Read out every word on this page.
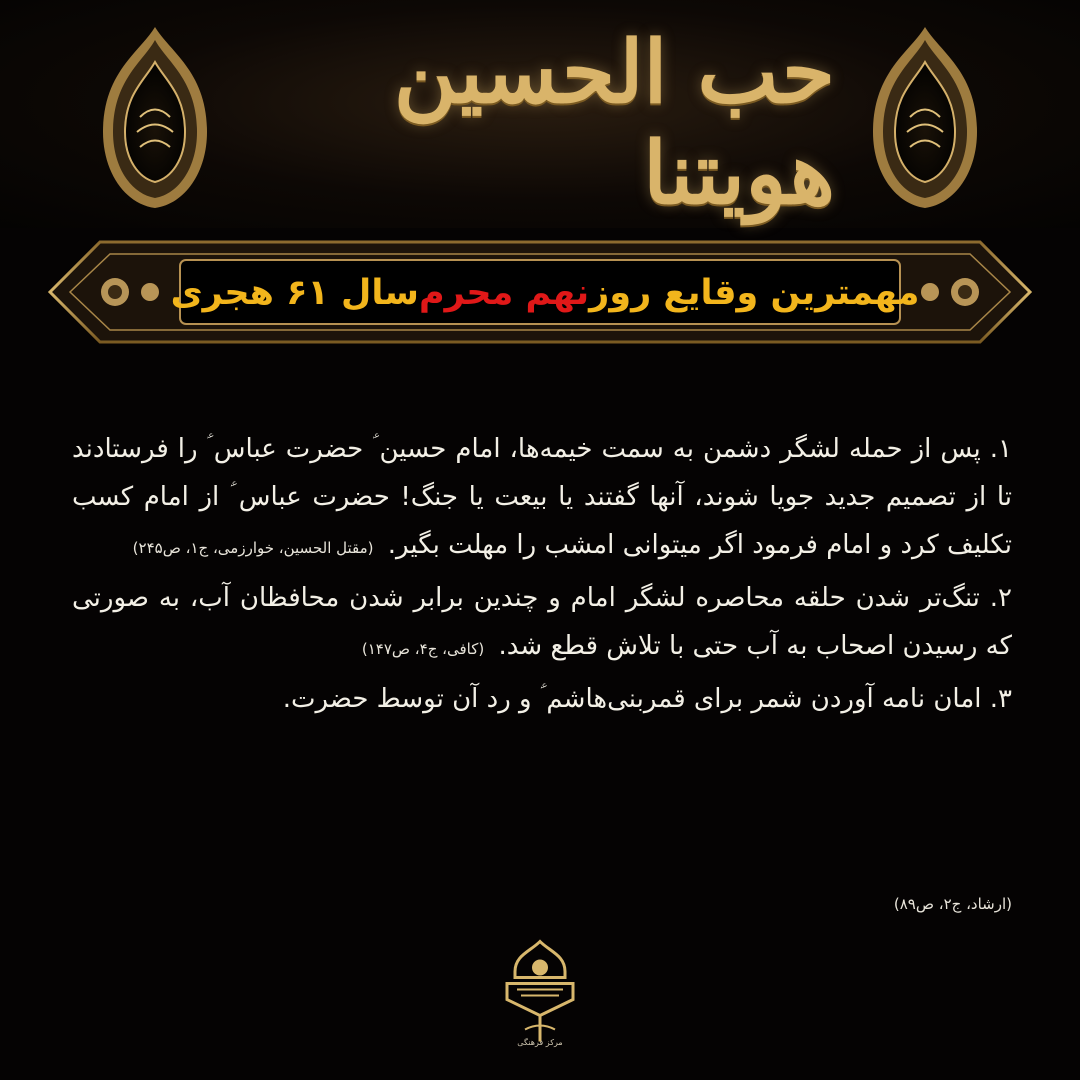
حب الحسین هویتنا
مهمترین وقایع روز
نهم محرم
سال ۶۱ هجری

۱. پس از حمله لشگر دشمن به سمت خیمه‌ها، امام حسین ؑ حضرت عباس ؑ را فرستادند تا از تصمیم جدید جویا شوند، آنها گفتند یا بیعت یا جنگ! حضرت عباس ؑ از امام کسب تکلیف کرد و امام فرمود اگر میتوانی امشب را مهلت بگیر. (مقتل الحسین، خوارزمی، ج۱، ص۲۴۵)

۲. تنگ‌تر شدن حلقه محاصره لشگر امام و چندین برابر شدن محافظان آب، به صورتی که رسیدن اصحاب به آب حتی با تلاش قطع شد. (کافی، ج۴، ص۱۴۷)

۳. امان نامه آوردن شمر برای قمربنی‌هاشم ؑ و رد آن توسط حضرت.

(ارشاد، ج۲، ص۸۹)
مرکز فرهنگی
